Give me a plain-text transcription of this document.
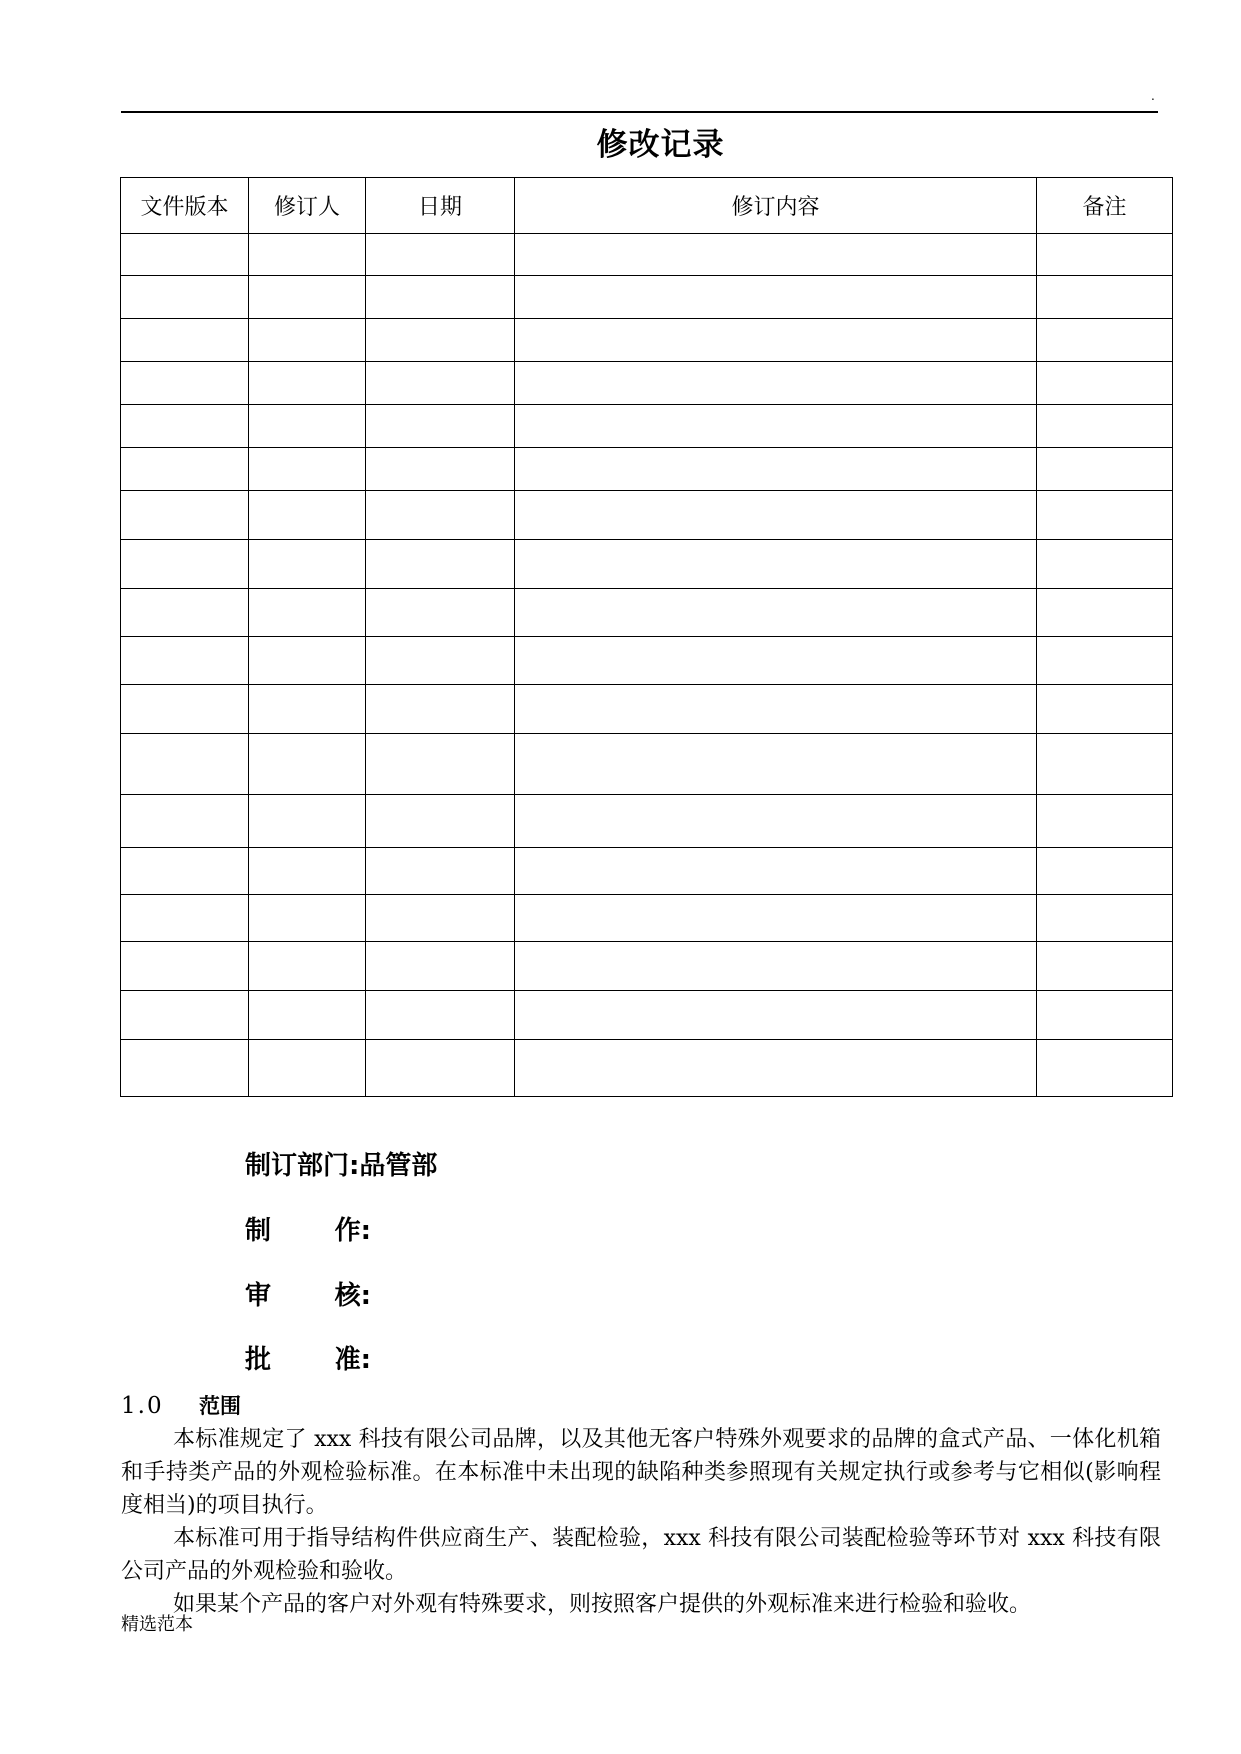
.
修改记录
文件版本	修订人	日期	修订内容	备注

制订部门:品管部
制 作:
审 核:
批 准:
1.0 范围

本标准规定了 xxx 科技有限公司品牌，以及其他无客户特殊外观要求的品牌的盒式产品、一体化机箱和手持类产品的外观检验标准。在本标准中未出现的缺陷种类参照现有关规定执行或参考与它相似(影响程度相当)的项目执行。

本标准可用于指导结构件供应商生产、装配检验，xxx 科技有限公司装配检验等环节对 xxx 科技有限公司产品的外观检验和验收。

如果某个产品的客户对外观有特殊要求，则按照客户提供的外观标准来进行检验和验收。

精选范本
